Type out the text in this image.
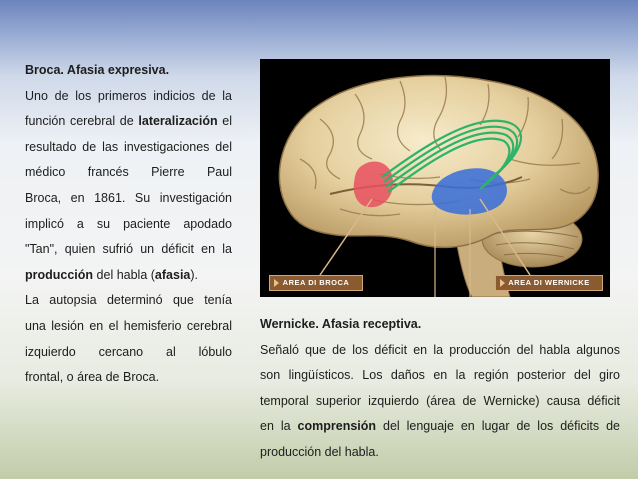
Broca. Afasia expresiva.
Uno de los primeros indicios de la
función cerebral de lateralización el
resultado de las investigaciones del
médico francés Pierre Paul
Broca, en 1861. Su investigación
implicó a su paciente apodado
"Tan", quien sufrió un déficit en la
producción del habla (afasia).
La autopsia determinó que tenía
una lesión en el hemisferio cerebral
izquierdo cercano al lóbulo
frontal, o área de Broca.
AREA DI BROCA	AREA DI WERNICKE
Wernicke. Afasia receptiva.
Señaló que de los déficit en la producción del habla algunos
son lingüísticos. Los daños en la región posterior del giro
temporal superior izquierdo (área de Wernicke) causa déficit
en la comprensión del lenguaje en lugar de los déficits de
producción del habla.
